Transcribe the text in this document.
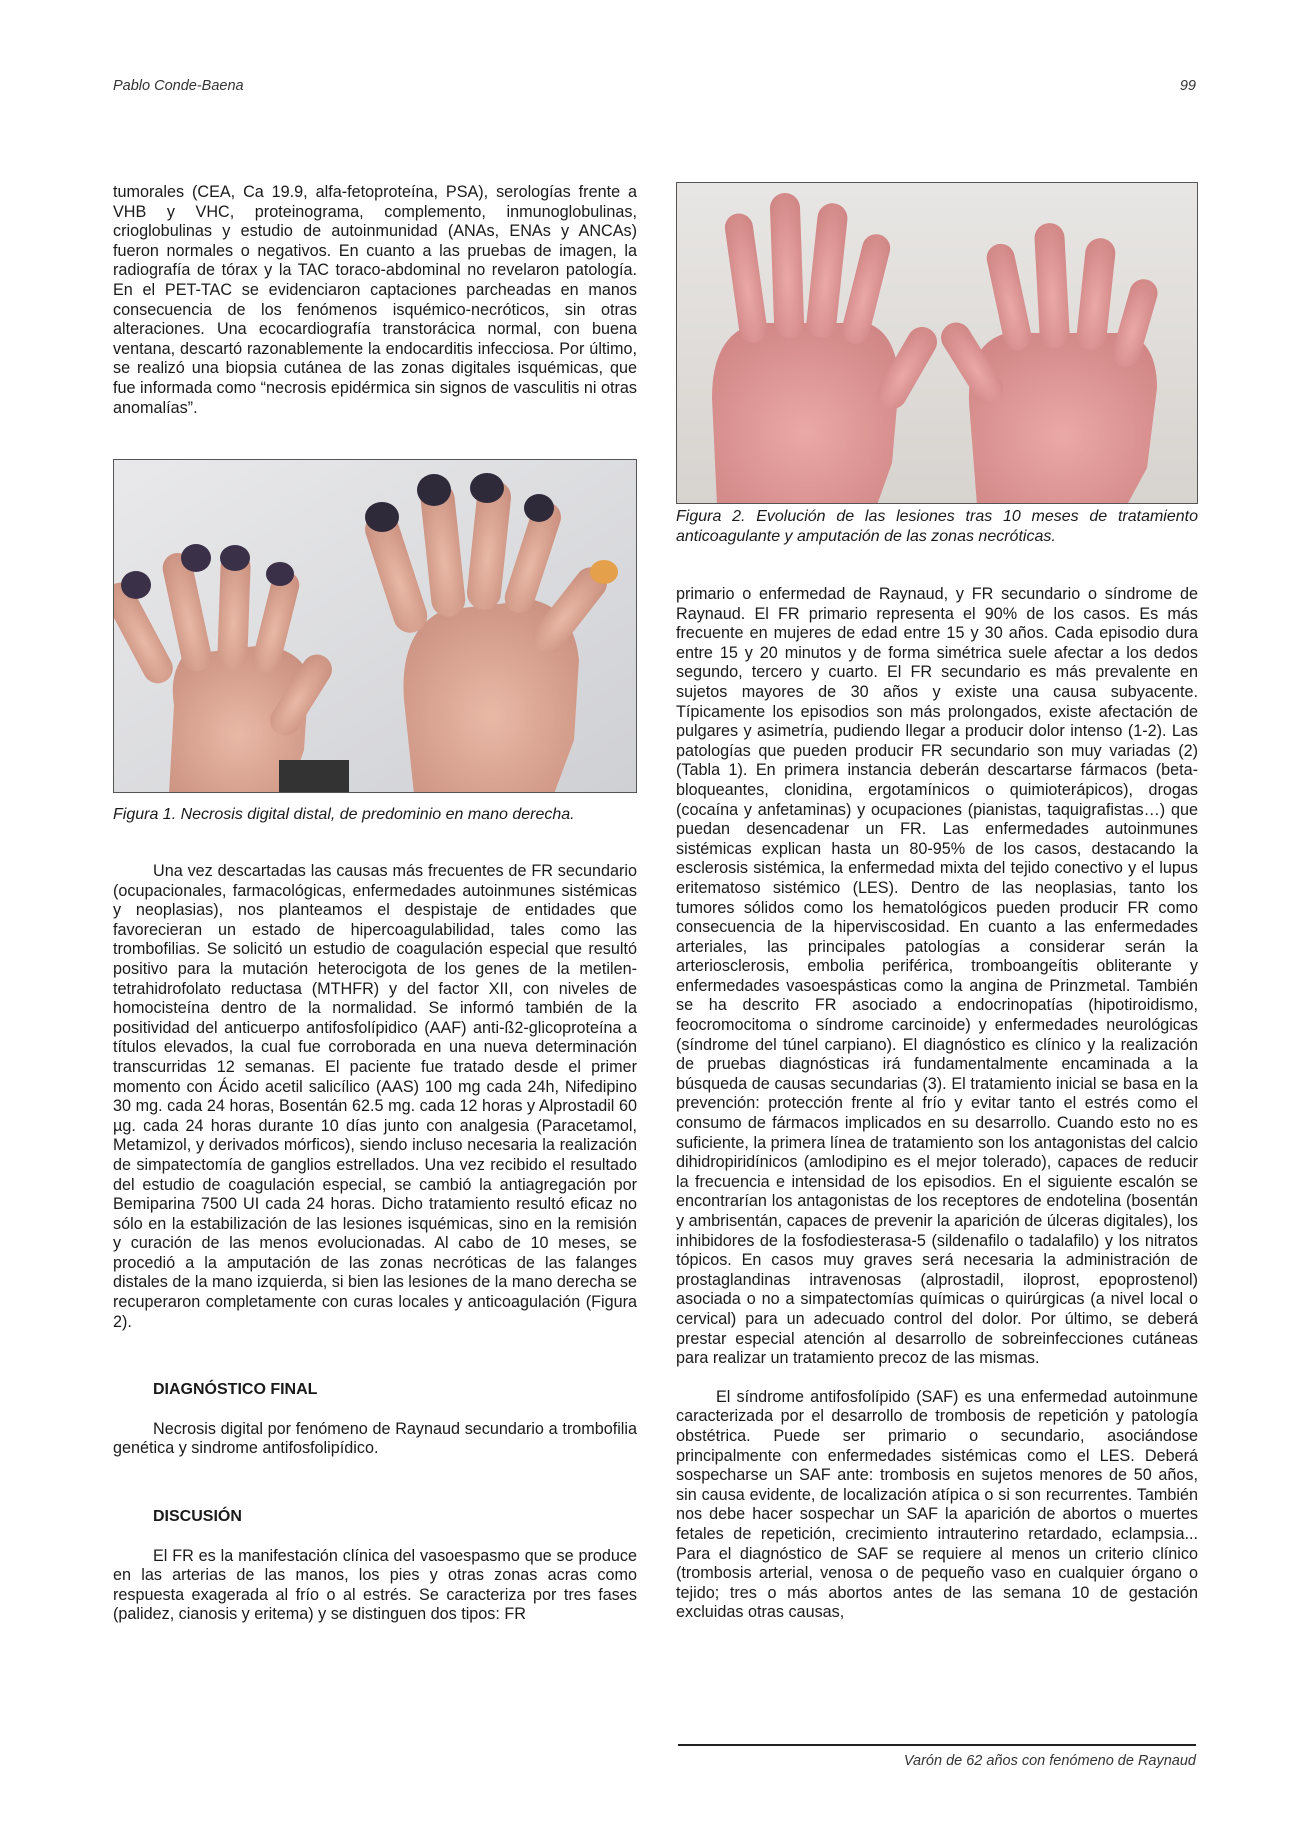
Pablo Conde-Baena	99

tumorales (CEA, Ca 19.9, alfa-fetoproteína, PSA), serologías frente a VHB y VHC, proteinograma, complemento, inmunoglobulinas, crioglobulinas y estudio de autoinmunidad (ANAs, ENAs y ANCAs) fueron normales o negativos. En cuanto a las pruebas de imagen, la radiografía de tórax y la TAC toraco-abdominal no revelaron patología. En el PET-TAC se evidenciaron captaciones parcheadas en manos consecuencia de los fenómenos isquémico-necróticos, sin otras alteraciones. Una ecocardiografía transtorácica normal, con buena ventana, descartó razonablemente la endocarditis infecciosa. Por último, se realizó una biopsia cutánea de las zonas digitales isquémicas, que fue informada como “necrosis epidérmica sin signos de vasculitis ni otras anomalías”.

Figura 1. Necrosis digital distal, de predominio en mano derecha.

Una vez descartadas las causas más frecuentes de FR secundario (ocupacionales, farmacológicas, enfermedades autoinmunes sistémicas y neoplasias), nos planteamos el despistaje de entidades que favorecieran un estado de hipercoagulabilidad, tales como las trombofilias. Se solicitó un estudio de coagulación especial que resultó positivo para la mutación heterocigota de los genes de la metilen-tetrahidrofolato reductasa (MTHFR) y del factor XII, con niveles de homocisteína dentro de la normalidad. Se informó también de la positividad del anticuerpo antifosfolípidico (AAF) anti-ß2-glicoproteína a títulos elevados, la cual fue corroborada en una nueva determinación transcurridas 12 semanas. El paciente fue tratado desde el primer momento con Ácido acetil salicílico (AAS) 100 mg cada 24h, Nifedipino 30 mg. cada 24 horas, Bosentán 62.5 mg. cada 12 horas y Alprostadil 60 µg. cada 24 horas durante 10 días junto con analgesia (Paracetamol, Metamizol, y derivados mórficos), siendo incluso necesaria la realización de simpatectomía de ganglios estrellados. Una vez recibido el resultado del estudio de coagulación especial, se cambió la antiagregación por Bemiparina 7500 UI cada 24 horas. Dicho tratamiento resultó eficaz no sólo en la estabilización de las lesiones isquémicas, sino en la remisión y curación de las menos evolucionadas. Al cabo de 10 meses, se procedió a la amputación de las zonas necróticas de las falanges distales de la mano izquierda, si bien las lesiones de la mano derecha se recuperaron completamente con curas locales y anticoagulación (Figura 2).

DIAGNÓSTICO FINAL

Necrosis digital por fenómeno de Raynaud secundario a trombofilia genética y sindrome antifosfolipídico.

DISCUSIÓN

El FR es la manifestación clínica del vasoespasmo que se produce en las arterias de las manos, los pies y otras zonas acras como respuesta exagerada al frío o al estrés. Se caracteriza por tres fases (palidez, cianosis y eritema) y se distinguen dos tipos: FR

Figura 2. Evolución de las lesiones tras 10 meses de tratamiento anticoagulante y amputación de las zonas necróticas.

primario o enfermedad de Raynaud, y FR secundario o síndrome de Raynaud. El FR primario representa el 90% de los casos. Es más frecuente en mujeres de edad entre 15 y 30 años. Cada episodio dura entre 15 y 20 minutos y de forma simétrica suele afectar a los dedos segundo, tercero y cuarto. El FR secundario es más prevalente en sujetos mayores de 30 años y existe una causa subyacente. Típicamente los episodios son más prolongados, existe afectación de pulgares y asimetría, pudiendo llegar a producir dolor intenso (1-2). Las patologías que pueden producir FR secundario son muy variadas (2) (Tabla 1). En primera instancia deberán descartarse fármacos (beta-bloqueantes, clonidina, ergotamínicos o quimioterápicos), drogas (cocaína y anfetaminas) y ocupaciones (pianistas, taquigrafistas…) que puedan desencadenar un FR. Las enfermedades autoinmunes sistémicas explican hasta un 80-95% de los casos, destacando la esclerosis sistémica, la enfermedad mixta del tejido conectivo y el lupus eritematoso sistémico (LES). Dentro de las neoplasias, tanto los tumores sólidos como los hematológicos pueden producir FR como consecuencia de la hiperviscosidad. En cuanto a las enfermedades arteriales, las principales patologías a considerar serán la arteriosclerosis, embolia periférica, tromboangeítis obliterante y enfermedades vasoespásticas como la angina de Prinzmetal. También se ha descrito FR asociado a endocrinopatías (hipotiroidismo, feocromocitoma o síndrome carcinoide) y enfermedades neurológicas (síndrome del túnel carpiano). El diagnóstico es clínico y la realización de pruebas diagnósticas irá fundamentalmente encaminada a la búsqueda de causas secundarias (3). El tratamiento inicial se basa en la prevención: protección frente al frío y evitar tanto el estrés como el consumo de fármacos implicados en su desarrollo. Cuando esto no es suficiente, la primera línea de tratamiento son los antagonistas del calcio dihidropiridínicos (amlodipino es el mejor tolerado), capaces de reducir la frecuencia e intensidad de los episodios. En el siguiente escalón se encontrarían los antagonistas de los receptores de endotelina (bosentán y ambrisentán, capaces de prevenir la aparición de úlceras digitales), los inhibidores de la fosfodiesterasa-5 (sildenafilo o tadalafilo) y los nitratos tópicos. En casos muy graves será necesaria la administración de prostaglandinas intravenosas (alprostadil, iloprost, epoprostenol) asociada o no a simpatectomías químicas o quirúrgicas (a nivel local o cervical) para un adecuado control del dolor. Por último, se deberá prestar especial atención al desarrollo de sobreinfecciones cutáneas para realizar un tratamiento precoz de las mismas.

El síndrome antifosfolípido (SAF) es una enfermedad autoinmune caracterizada por el desarrollo de trombosis de repetición y patología obstétrica. Puede ser primario o secundario, asociándose principalmente con enfermedades sistémicas como el LES. Deberá sospecharse un SAF ante: trombosis en sujetos menores de 50 años, sin causa evidente, de localización atípica o si son recurrentes. También nos debe hacer sospechar un SAF la aparición de abortos o muertes fetales de repetición, crecimiento intrauterino retardado, eclampsia... Para el diagnóstico de SAF se requiere al menos un criterio clínico (trombosis arterial, venosa o de pequeño vaso en cualquier órgano o tejido; tres o más abortos antes de las semana 10 de gestación excluidas otras causas,

Varón de 62 años con fenómeno de Raynaud
